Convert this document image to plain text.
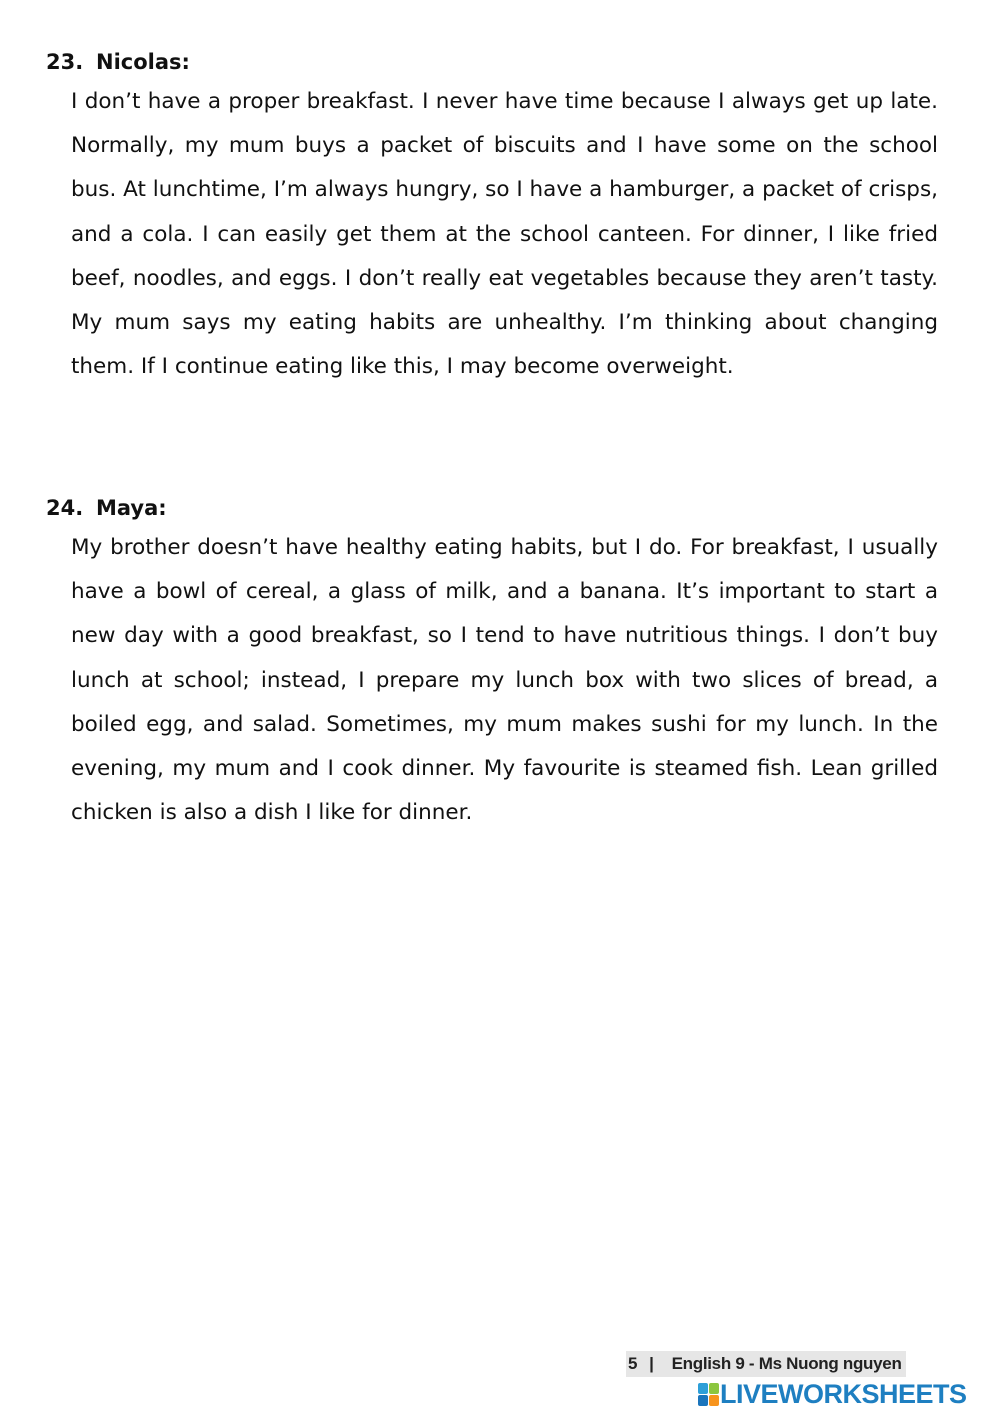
23. Nicolas:
I don’t have a proper breakfast. I never have time because I always get up late. Normally, my mum buys a packet of biscuits and I have some on the school bus. At lunchtime, I’m always hungry, so I have a hamburger, a packet of crisps, and a cola. I can easily get them at the school canteen. For dinner, I like fried beef, noodles, and eggs. I don’t really eat vegetables because they aren’t tasty. My mum says my eating habits are unhealthy. I’m thinking about changing them. If I continue eating like this, I may become overweight.
24. Maya:
My brother doesn’t have healthy eating habits, but I do. For breakfast, I usually have a bowl of cereal, a glass of milk, and a banana. It’s important to start a new day with a good breakfast, so I tend to have nutritious things. I don’t buy lunch at school; instead, I prepare my lunch box with two slices of bread, a boiled egg, and salad. Sometimes, my mum makes sushi for my lunch. In the evening, my mum and I cook dinner. My favourite is steamed fish. Lean grilled chicken is also a dish I like for dinner.
5 | English 9 - Ms Nuong nguyen
LIVEWORKSHEETS
